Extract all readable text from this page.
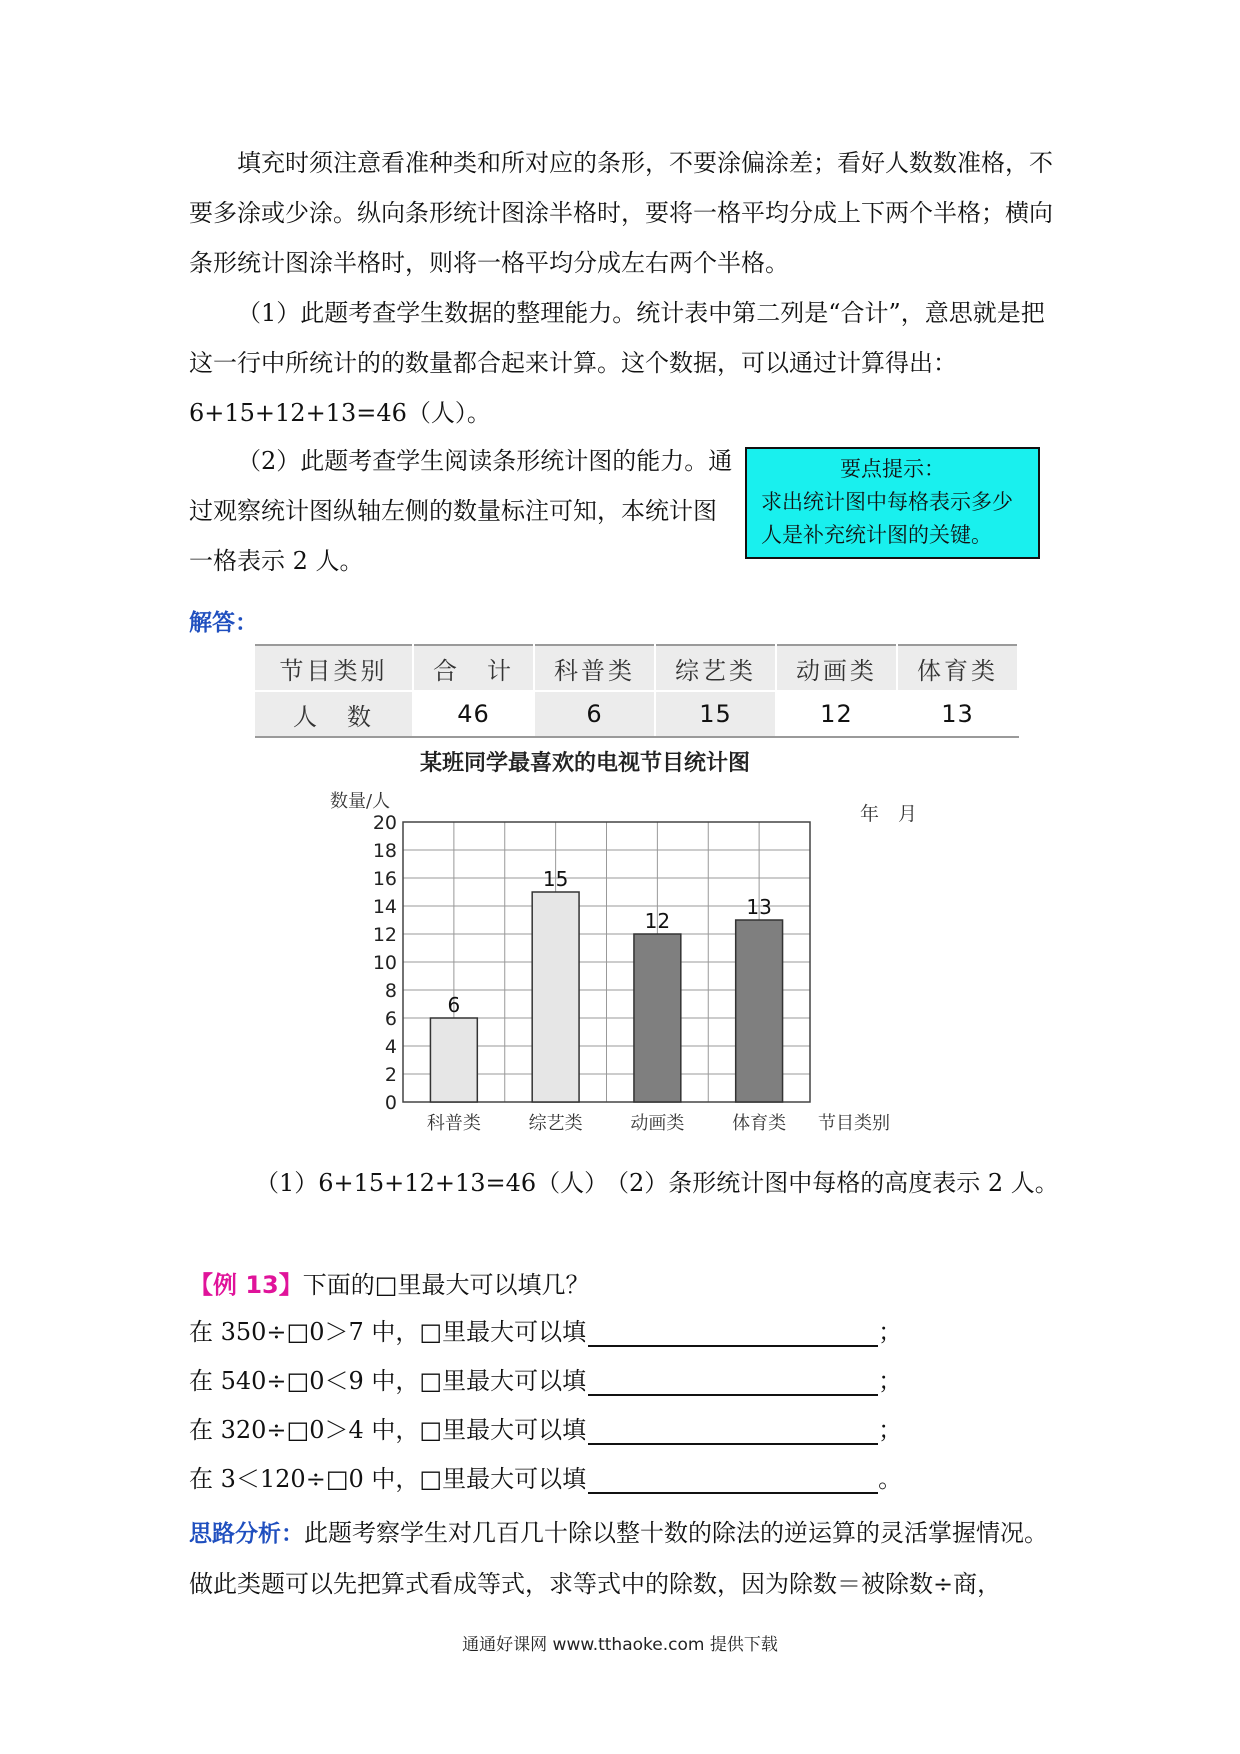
填充时须注意看准种类和所对应的条形，不要涂偏涂差；看好人数数准格，不要多涂或少涂。纵向条形统计图涂半格时，要将一格平均分成上下两个半格；横向条形统计图涂半格时，则将一格平均分成左右两个半格。

（1）此题考查学生数据的整理能力。统计表中第二列是“合计”，意思就是把这一行中所统计的的数量都合起来计算。这个数据，可以通过计算得出：6+15+12+13=46（人）。

（2）此题考查学生阅读条形统计图的能力。通过观察统计图纵轴左侧的数量标注可知，本统计图一格表示 2 人。

要点提示：
求出统计图中每格表示多少人是补充统计图的关键。
解答：
节目类别	合　计	科普类	综艺类	动画类	体育类
人　数	46	6	15	12	13
某班同学最喜欢的电视节目统计图
数量/人
年　月
0
2
4
6
8
10
12
14
16
18
20
6
科普类
15
综艺类
12
动画类
13
体育类 节目类别
（1）6+15+12+13=46（人）
（2）条形统计图中每格的高度表示 2 人。
【例 13】下面的□里最大可以填几？
在 350÷□0＞7 中，□里最大可以填	；
在 540÷□0＜9 中，□里最大可以填	；
在 320÷□0＞4 中，□里最大可以填	；
在 3＜120÷□0 中，□里最大可以填	。
思路分析：此题考察学生对几百几十除以整十数的除法的逆运算的灵活掌握情况。做此类题可以先把算式看成等式，求等式中的除数，因为除数＝被除数÷商，
通通好课网 www.tthaoke.com 提供下载
